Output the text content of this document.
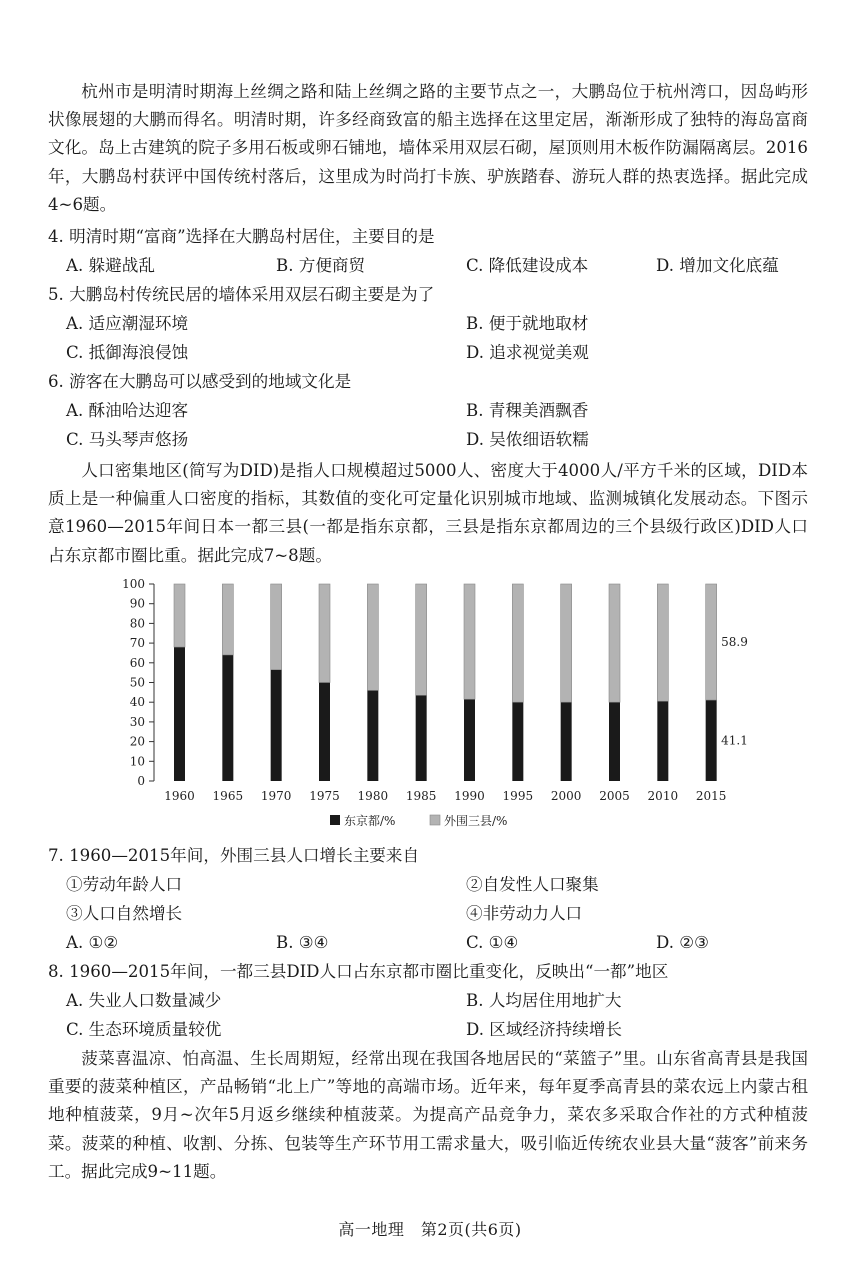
杭州市是明清时期海上丝绸之路和陆上丝绸之路的主要节点之一，大鹏岛位于杭州湾口，因岛屿形状像展翅的大鹏而得名。明清时期，许多经商致富的船主选择在这里定居，渐渐形成了独特的海岛富商文化。岛上古建筑的院子多用石板或卵石铺地，墙体采用双层石砌，屋顶则用木板作防漏隔离层。2016年，大鹏岛村获评中国传统村落后，这里成为时尚打卡族、驴族踏春、游玩人群的热衷选择。据此完成4~6题。
4. 明清时期“富商”选择在大鹏岛村居住，主要目的是
A. 躲避战乱	B. 方便商贸	C. 降低建设成本	D. 增加文化底蕴
5. 大鹏岛村传统民居的墙体采用双层石砌主要是为了
A. 适应潮湿环境	B. 便于就地取材
C. 抵御海浪侵蚀	D. 追求视觉美观
6. 游客在大鹏岛可以感受到的地域文化是
A. 酥油哈达迎客	B. 青稞美酒飘香
C. 马头琴声悠扬	D. 吴侬细语软糯
人口密集地区(简写为DID)是指人口规模超过5000人、密度大于4000人/平方千米的区域，DID本质上是一种偏重人口密度的指标，其数值的变化可定量化识别城市地域、监测城镇化发展动态。下图示意1960—2015年间日本一都三县(一都是指东京都，三县是指东京都周边的三个县级行政区)DID人口占东京都市圈比重。据此完成7~8题。
0
10
20
30
40
50
60
70
80
90
100
1960 1965 1970 1975 1980 1985 1990 1995 2000 2005 2010 2015
58.9
41.1
东京都/%	外围三县/%
7. 1960—2015年间，外围三县人口增长主要来自
①劳动年龄人口	②自发性人口聚集
③人口自然增长	④非劳动力人口
A. ①②	B. ③④	C. ①④	D. ②③
8. 1960—2015年间，一都三县DID人口占东京都市圈比重变化，反映出“一都”地区
A. 失业人口数量减少	B. 人均居住用地扩大
C. 生态环境质量较优	D. 区域经济持续增长
菠菜喜温凉、怕高温、生长周期短，经常出现在我国各地居民的“菜篮子”里。山东省高青县是我国重要的菠菜种植区，产品畅销“北上广”等地的高端市场。近年来，每年夏季高青县的菜农远上内蒙古租地种植菠菜，9月~次年5月返乡继续种植菠菜。为提高产品竞争力，菜农多采取合作社的方式种植菠菜。菠菜的种植、收割、分拣、包装等生产环节用工需求量大，吸引临近传统农业县大量“菠客”前来务工。据此完成9~11题。
高一地理　第2页(共6页)
